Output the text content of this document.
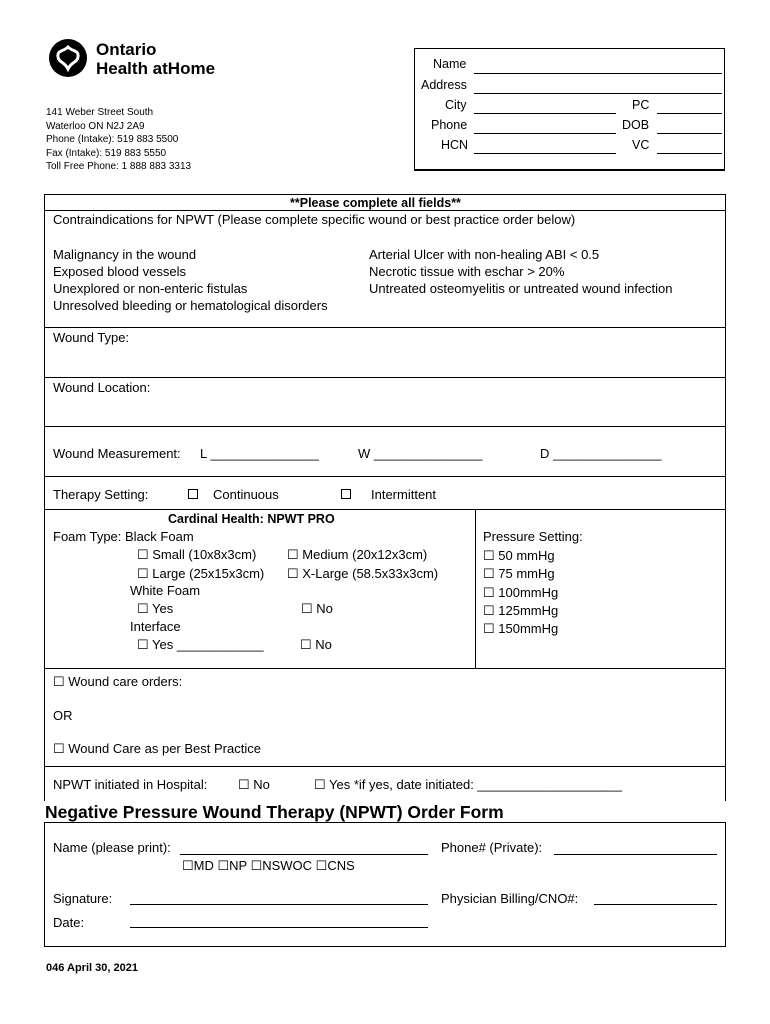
Ontario
Health atHome
141 Weber Street South
Waterloo ON N2J 2A9
Phone (Intake): 519 883 5500
Fax (Intake): 519 883 5550
Toll Free Phone: 1 888 883 3313
Name
Address
City	PC
Phone	DOB
HCN	VC
**Please complete all fields**
Contraindications for NPWT (Please complete specific wound or best practice order below)
Malignancy in the wound
Exposed blood vessels
Unexplored or non-enteric fistulas
Unresolved bleeding or hematological disorders
Arterial Ulcer with non-healing ABI < 0.5
Necrotic tissue with eschar > 20%
Untreated osteomyelitis or untreated wound infection
Wound Type:
Wound Location:
Wound Measurement: L _______________	W _______________	D _______________
Therapy Setting:	Continuous	Intermittent
Cardinal Health: NPWT PRO
Foam Type: Black Foam
☐ Small (10x8x3cm) ☐ Medium (20x12x3cm)
☐ Large (25x15x3cm) ☐ X-Large (58.5x33x3cm)
White Foam
☐ Yes	☐ No
Interface
☐ Yes ____________	☐ No
Pressure Setting:
☐ 50 mmHg
☐ 75 mmHg
☐ 100mmHg
☐ 125mmHg
☐ 150mmHg
☐ Wound care orders:
OR
☐ Wound Care as per Best Practice
NPWT initiated in Hospital: ☐ No	☐ Yes *if yes, date initiated: ____________________
Negative Pressure Wound Therapy (NPWT) Order Form
Name (please print):
☐MD ☐NP ☐NSWOC ☐CNS
Phone# (Private):
Signature:	Physician Billing/CNO#:
Date:
046 April 30, 2021
